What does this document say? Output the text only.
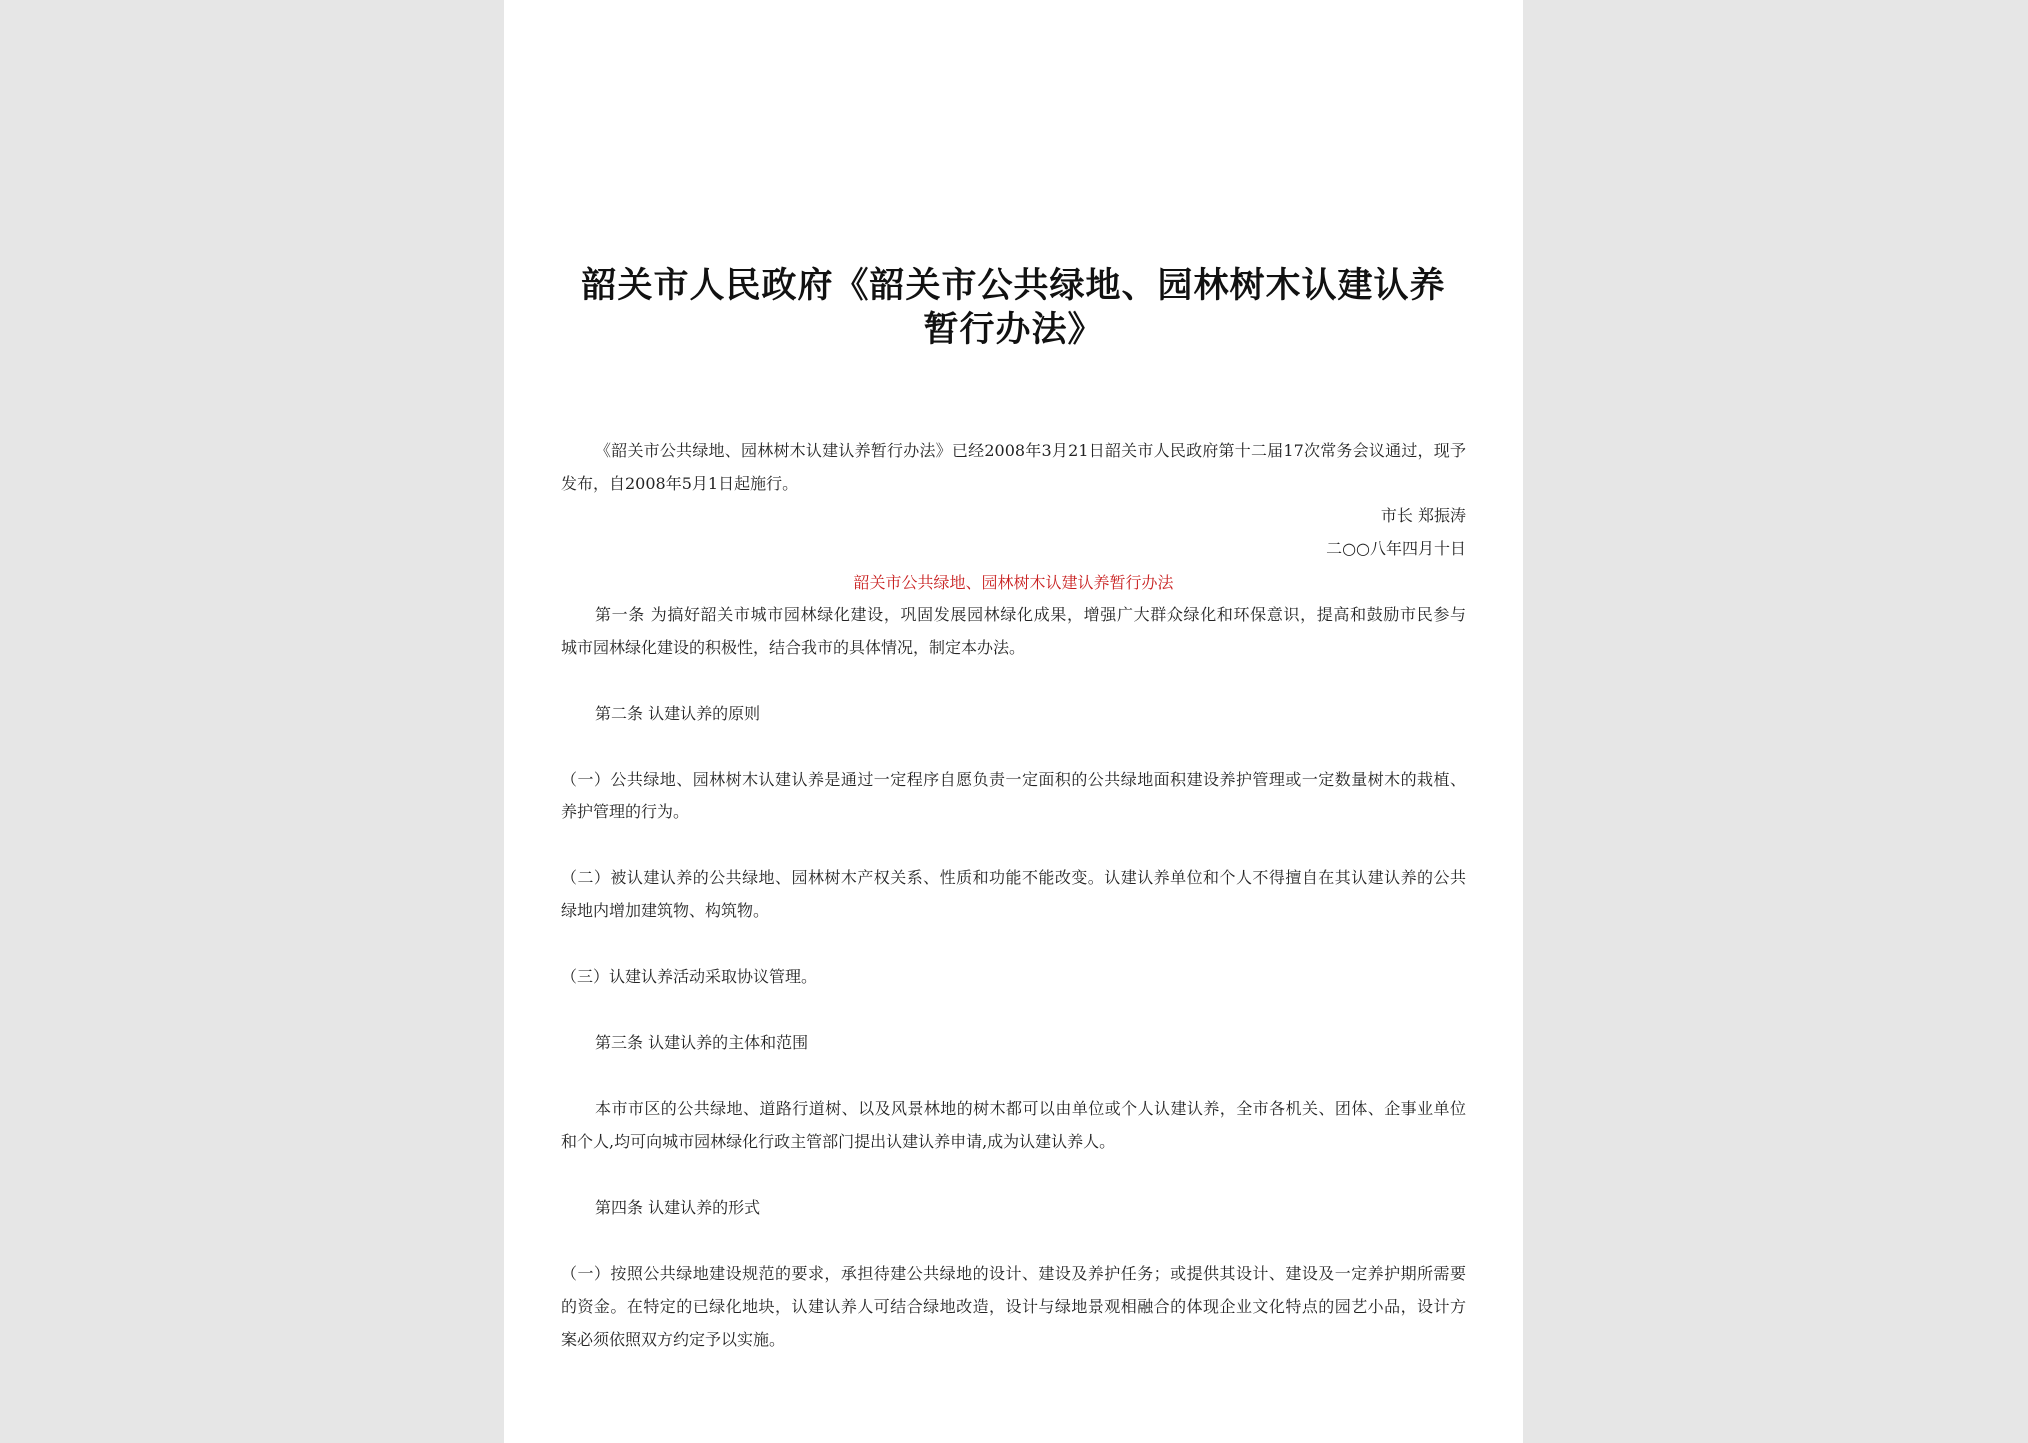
韶关市人民政府《韶关市公共绿地、园林树木认建认养
暂行办法》

《韶关市公共绿地、园林树木认建认养暂行办法》已经2008年3月21日韶关市人民政府第十二届17次常务会议通过，现予

发布，自2008年5月1日起施行。

市长 郑振涛

二○○八年四月十日

韶关市公共绿地、园林树木认建认养暂行办法

第一条 为搞好韶关市城市园林绿化建设，巩固发展园林绿化成果，增强广大群众绿化和环保意识，提高和鼓励市民参与

城市园林绿化建设的积极性，结合我市的具体情况，制定本办法。

第二条 认建认养的原则

（一）公共绿地、园林树木认建认养是通过一定程序自愿负责一定面积的公共绿地面积建设养护管理或一定数量树木的栽植、

养护管理的行为。

（二）被认建认养的公共绿地、园林树木产权关系、性质和功能不能改变。认建认养单位和个人不得擅自在其认建认养的公共

绿地内增加建筑物、构筑物。

（三）认建认养活动采取协议管理。

第三条 认建认养的主体和范围

本市市区的公共绿地、道路行道树、以及风景林地的树木都可以由单位或个人认建认养，全市各机关、团体、企事业单位

和个人,均可向城市园林绿化行政主管部门提出认建认养申请,成为认建认养人。

第四条 认建认养的形式

（一）按照公共绿地建设规范的要求，承担待建公共绿地的设计、建设及养护任务；或提供其设计、建设及一定养护期所需要

的资金。在特定的已绿化地块，认建认养人可结合绿地改造，设计与绿地景观相融合的体现企业文化特点的园艺小品，设计方

案必须依照双方约定予以实施。
